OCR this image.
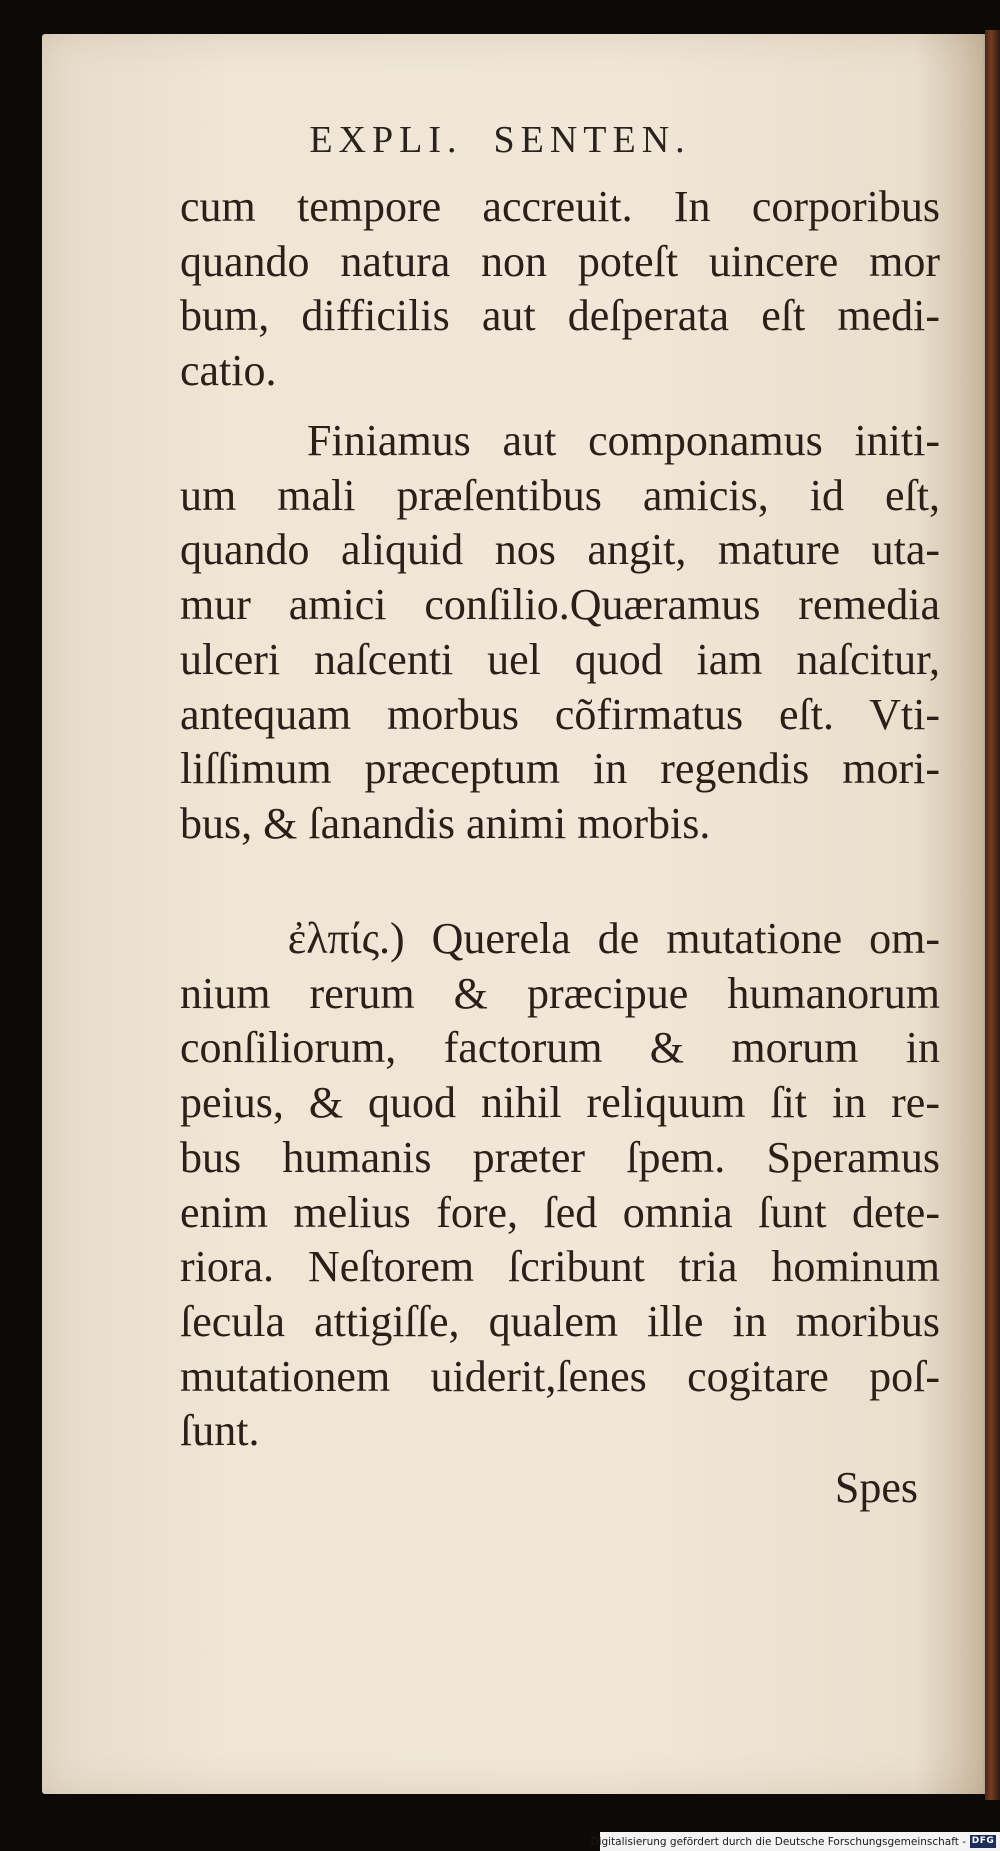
EXPLI.  SENTEN.
cum tempore accreuit. In corporibus
quando natura non poteſt uincere mor
bum, difficilis aut deſperata eſt medi-
catio.
Finiamus aut componamus initi-
um mali præſentibus amicis, id eſt,
quando aliquid nos angit, mature uta-
mur amici conſilio.Quæramus remedia
ulceri naſcenti uel quod iam naſcitur,
antequam morbus cõfirmatus eſt. Vti-
liſſimum præceptum in regendis mori-
bus, & ſanandis animi morbis.
ἐλπίς.) Querela de mutatione om-
nium rerum & præcipue humanorum
conſiliorum, factorum & morum in
peius, & quod nihil reliquum ſit in re-
bus humanis præter ſpem. Speramus
enim melius fore, ſed omnia ſunt dete-
riora. Neſtorem ſcribunt tria hominum
ſecula attigiſſe, qualem ille in moribus
mutationem uiderit,ſenes cogitare poſ-
ſunt.
Spes
Digitalisierung gefördert durch die Deutsche Forschungsgemeinschaft - DFG
